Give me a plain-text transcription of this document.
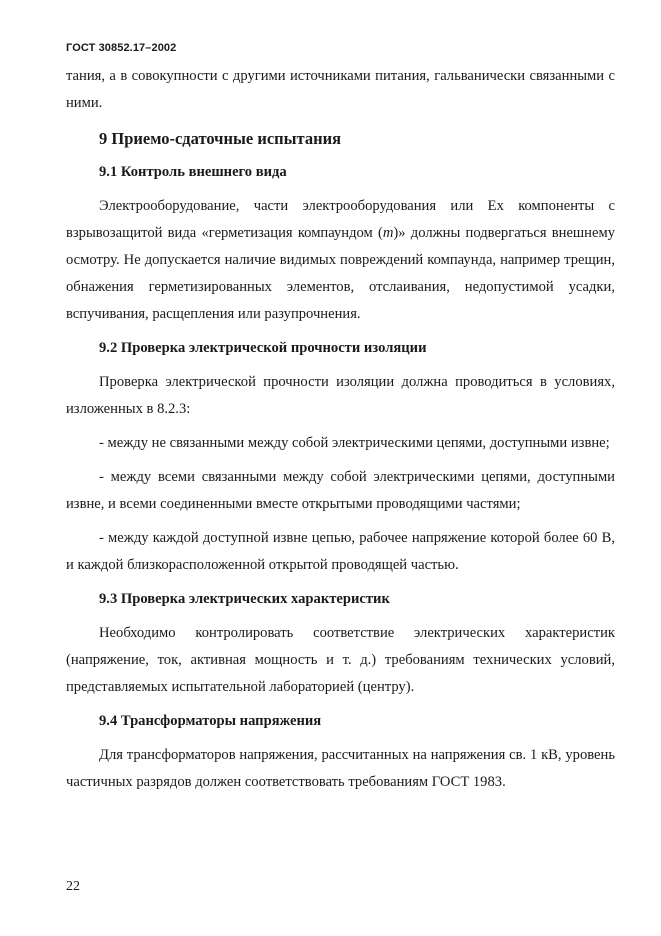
ГОСТ 30852.17–2002

тания, а в совокупности с другими источниками питания, гальванически связанными с ними.

9 Приемо-сдаточные испытания
9.1 Контроль внешнего вида

Электрооборудование, части электрооборудования или Ex компоненты с взрывозащитой вида «герметизация компаундом (m)» должны подвергаться внешнему осмотру. Не допускается наличие видимых повреждений компаунда, например трещин, обнажения герметизированных элементов, отслаивания, недопустимой усадки, вспучивания, расщепления или разупрочнения.

9.2 Проверка электрической прочности изоляции

Проверка электрической прочности изоляции должна проводиться в условиях, изложенных в 8.2.3:

- между не связанными между собой электрическими цепями, доступными извне;

- между всеми связанными между собой электрическими цепями, доступными извне, и всеми соединенными вместе открытыми проводящими частями;

- между каждой доступной извне цепью, рабочее напряжение которой более 60 В, и каждой близкорасположенной открытой проводящей частью.

9.3 Проверка электрических характеристик

Необходимо контролировать соответствие электрических характеристик (напряжение, ток, активная мощность и т. д.) требованиям технических условий, представляемых испытательной лабораторией (центру).

9.4 Трансформаторы напряжения

Для трансформаторов напряжения, рассчитанных на напряжения св. 1 кВ, уровень частичных разрядов должен соответствовать требованиям ГОСТ 1983.

22
